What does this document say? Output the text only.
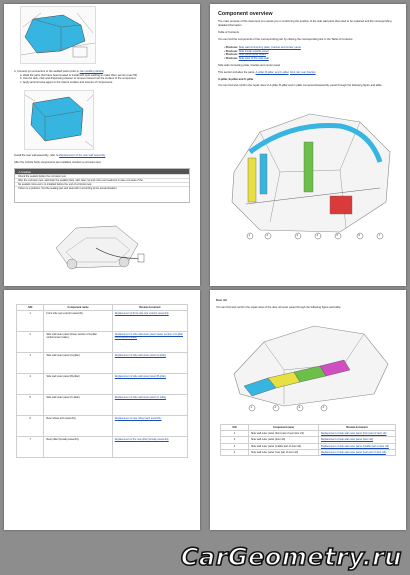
4. Connect pin connectors to the welded parts (refer to Jam welding details)
a. Weld the parts that have been leveled to install with spot welding to make them secure (max 50)
b. Use the tack, click and dispensing cleaner to remove traces from the surface of the component.
c. Apply anticorrosive agent to the interior surface and exterior of components.
Install the rear wall assembly, refer to Replacement of the rear wall assembly
After the vehicle body components are installed, conduct a corrosion test.
⚠ Caution
Check the sealant before the corrosion test.
After the corrosion test, add drain the sealant parts, add, later cut and cross-out treatment in case of a leak of the.
No sealant cross-out is to installed before the end of corrosion test.
If there is a problem, find the leaking part and deal with it according to the actual situation.
Component overview
The main purpose of this document is to assist you in confirming the position of the side wall parts that need to be replaced and the corresponding detailed information.
Table of Contents
You can find the components of the corresponding part by clicking the corresponding link in the Table of Contents:
• Previous: Side wall connecting plate, bracket and center panel
• Previous: Side inside outside panel
• Previous: Side panel outer board
• Previous: Side view of the side wall
Side wall connecting plate, bracket and center panel
This section includes the parts: A-pillar, B-pillar, and C-pillar, front rail, rear bracket
A-pillar, B-pillar and C-pillar
You can find and confirm the repair sites of A-pillar, B-pillar and C-pillar components/assembly panel through the following figure and table.
1	2	3	4	5	6	7
S/N	Component name	Review document
1	Front side rear exterior assembly	Replacement of front side rear exterior assembly
2	Side wall outer panel (lower section of A-pillar reinforcement plate)	Replacement of side wall outer panel (lower section of A-pillar reinforcement plate)
3	Side wall outer panel (A-pillar)	Replacement of side wall outer panel (A-pillar)
4	Side wall outer panel (B-pillar)	Replacement of side wall outer panel (B-pillar)
5	Side wall outer panel (C-pillar)	Replacement of side wall outer panel (C-pillar)
6	Rear wheel arch assembly	Replacement of rear wheel arch assembly
7	Rear pillar (female) assembly	Replacement of the rear pillar (female) assembly
Door sill
You can find and confirm the repair sites of the door sill outer panel through the following figure and table.
1	2	3	4
S/N	Component name	Review document
1	Side wall outer panel (front part of rear door sill)	Replacement of side wall outer panel (front part of door sill)
2	Side wall outer panel (door sill)	Replacement of side wall outer panel (door sill)
3	Side wall outer panel (middle part of door sill)	Replacement of side wall outer panel (middle part of door sill)
4	Side wall outer panel (rear part of door sill)	Replacement of side wall outer panel (rear part of door sill)
CarGeometry.ru
